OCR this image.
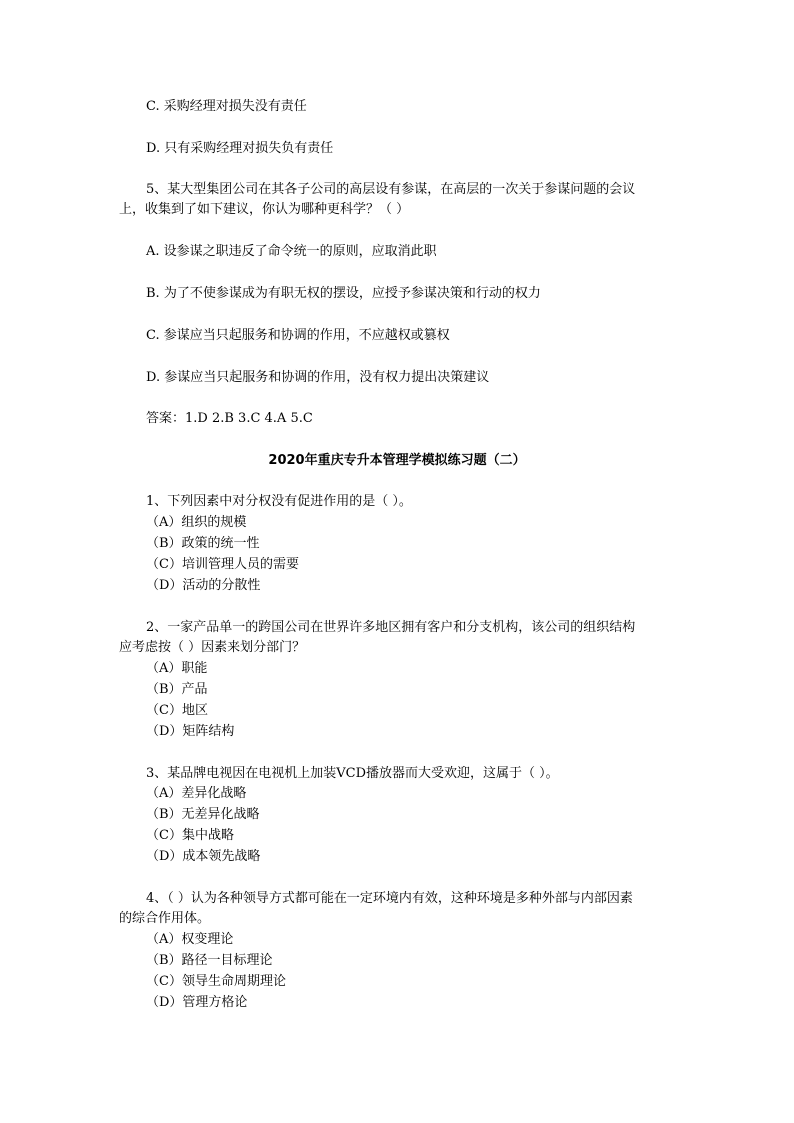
C. 采购经理对损失没有责任
D. 只有采购经理对损失负有责任
5、某大型集团公司在其各子公司的高层设有参谋，在高层的一次关于参谋问题的会议
上，收集到了如下建议，你认为哪种更科学？（ ）
A. 设参谋之职违反了命令统一的原则，应取消此职
B. 为了不使参谋成为有职无权的摆设，应授予参谋决策和行动的权力
C. 参谋应当只起服务和协调的作用，不应越权或篡权
D. 参谋应当只起服务和协调的作用，没有权力提出决策建议
答案：1.D 2.B 3.C 4.A 5.C
2020年重庆专升本管理学模拟练习题（二）
1、下列因素中对分权没有促进作用的是（ ）。
（A）组织的规模
（B）政策的统一性
（C）培训管理人员的需要
（D）活动的分散性
2、一家产品单一的跨国公司在世界许多地区拥有客户和分支机构，该公司的组织结构
应考虑按（ ）因素来划分部门？
（A）职能
（B）产品
（C）地区
（D）矩阵结构
3、某品牌电视因在电视机上加装VCD播放器而大受欢迎，这属于（ ）。
（A）差异化战略
（B）无差异化战略
（C）集中战略
（D）成本领先战略
4、（ ）认为各种领导方式都可能在一定环境内有效，这种环境是多种外部与内部因素
的综合作用体。
（A）权变理论
（B）路径一目标理论
（C）领导生命周期理论
（D）管理方格论
